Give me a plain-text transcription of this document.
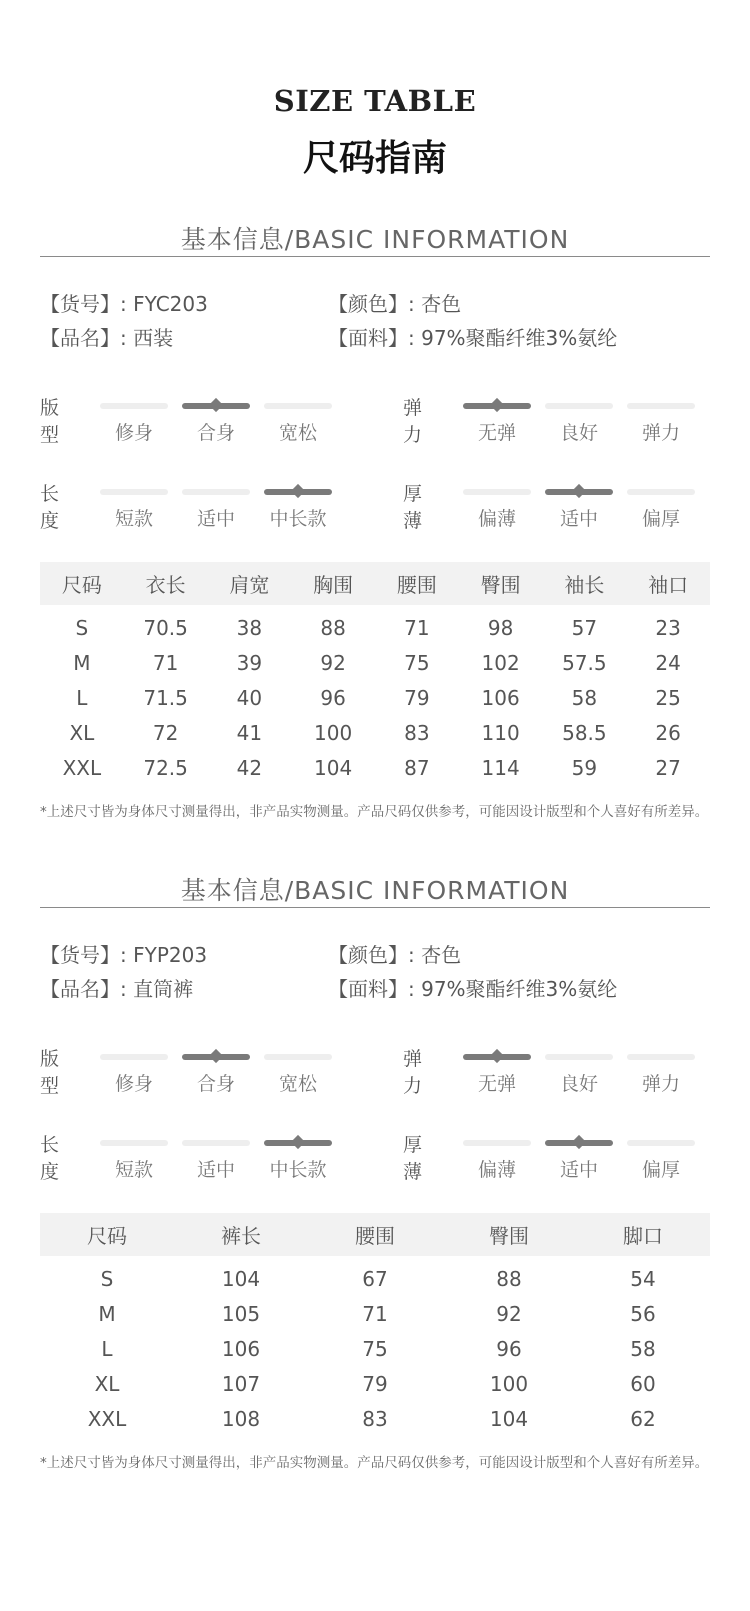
SIZE TABLE
尺码指南
基本信息/BASIC INFORMATION
【货号】: FYC203	【颜色】: 杏色
【品名】: 西装	【面料】: 97%聚酯纤维3%氨纶
版型	修身	合身	宽松
弹力	无弹	良好	弹力
长度	短款	适中	中长款
厚薄	偏薄	适中	偏厚
尺码	衣长	肩宽	胸围	腰围	臀围	袖长	袖口
S	70.5	38	88	71	98	57	23
M	71	39	92	75	102	57.5	24
L	71.5	40	96	79	106	58	25
XL	72	41	100	83	110	58.5	26
XXL	72.5	42	104	87	114	59	27
*上述尺寸皆为身体尺寸测量得出，非产品实物测量。产品尺码仅供参考，可能因设计版型和个人喜好有所差异。
基本信息/BASIC INFORMATION
【货号】: FYP203	【颜色】: 杏色
【品名】: 直筒裤	【面料】: 97%聚酯纤维3%氨纶
版型	修身	合身	宽松
弹力	无弹	良好	弹力
长度	短款	适中	中长款
厚薄	偏薄	适中	偏厚
尺码	裤长	腰围	臀围	脚口
S	104	67	88	54
M	105	71	92	56
L	106	75	96	58
XL	107	79	100	60
XXL	108	83	104	62
*上述尺寸皆为身体尺寸测量得出，非产品实物测量。产品尺码仅供参考，可能因设计版型和个人喜好有所差异。
